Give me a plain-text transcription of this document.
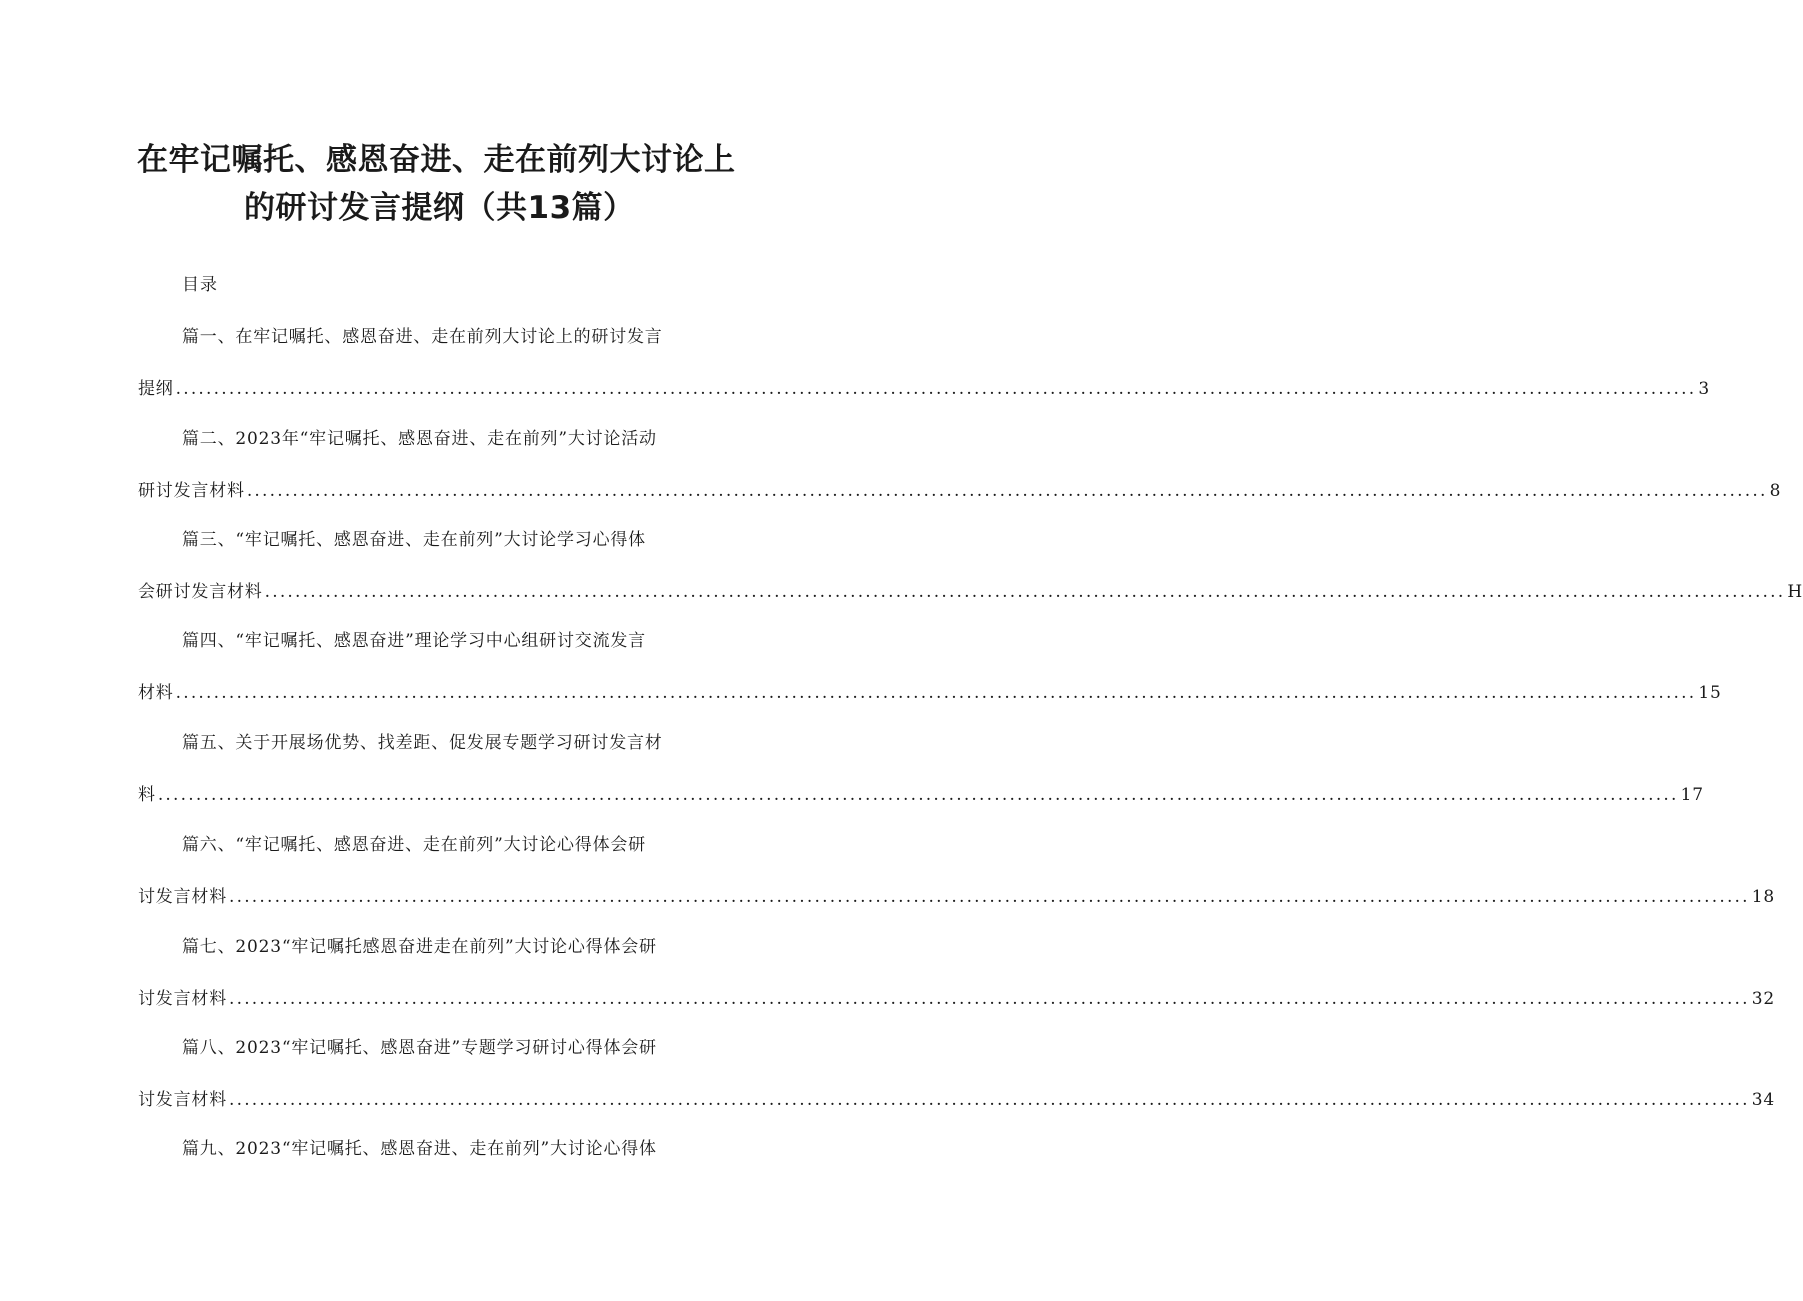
在牢记嘱托、感恩奋进、走在前列大讨论上
的研讨发言提纲（共13篇）
目录
篇一、在牢记嘱托、感恩奋进、走在前列大讨论上的研讨发言
提纲 ........................................................................................................................................................................................................ 3
篇二、2023年“牢记嘱托、感恩奋进、走在前列”大讨论活动
研讨发言材料 ........................................................................................................................................................................................................ 8
篇三、“牢记嘱托、感恩奋进、走在前列”大讨论学习心得体
会研讨发言材料 ........................................................................................................................................................................................................ H
篇四、“牢记嘱托、感恩奋进”理论学习中心组研讨交流发言
材料 ........................................................................................................................................................................................................ 15
篇五、关于开展场优势、找差距、促发展专题学习研讨发言材
料 ........................................................................................................................................................................................................ 17
篇六、“牢记嘱托、感恩奋进、走在前列”大讨论心得体会研
讨发言材料 ........................................................................................................................................................................................................ 18
篇七、2023“牢记嘱托感恩奋进走在前列”大讨论心得体会研
讨发言材料 ........................................................................................................................................................................................................ 32
篇八、2023“牢记嘱托、感恩奋进”专题学习研讨心得体会研
讨发言材料 ........................................................................................................................................................................................................ 34
篇九、2023“牢记嘱托、感恩奋进、走在前列”大讨论心得体
